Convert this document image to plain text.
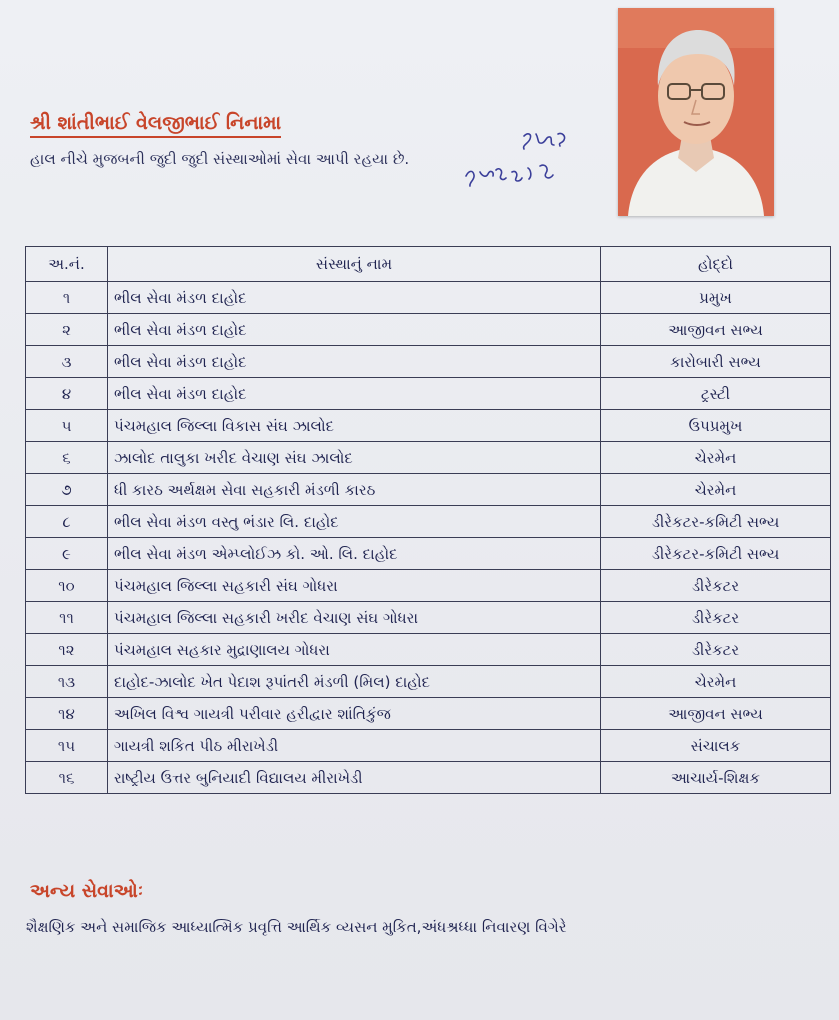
શ્રી શાંતીભાઈ વેલજીભાઈ નિનામા
હાલ નીચે મુજબની જુદી જુદી સંસ્થાઓમાં સેવા આપી રહયા છે.
અ.નં.	સંસ્થાનું નામ	હોદ્દો
૧	ભીલ સેવા મંડળ દાહોદ	પ્રમુખ
૨	ભીલ સેવા મંડળ દાહોદ	આજીવન સભ્ય
૩	ભીલ સેવા મંડળ દાહોદ	કારોબારી સભ્ય
૪	ભીલ સેવા મંડળ દાહોદ	ટ્રસ્ટી
૫	પંચમહાલ જિલ્લા વિકાસ સંઘ ઝાલોદ	ઉપપ્રમુખ
૬	ઝાલોદ તાલુકા ખરીદ વેચાણ સંઘ ઝાલોદ	ચેરમેન
૭	ધી કારઠ અર્થક્ષમ સેવા સહકારી મંડળી કારઠ	ચેરમેન
૮	ભીલ સેવા મંડળ વસ્તુ ભંડાર લિ. દાહોદ	ડીરેકટર-કમિટી સભ્ય
૯	ભીલ સેવા મંડળ એમ્પ્લોઈઝ કો. ઓ. લિ. દાહોદ	ડીરેકટર-કમિટી સભ્ય
૧૦	પંચમહાલ જિલ્લા સહકારી સંઘ ગોધરા	ડીરેકટર
૧૧	પંચમહાલ જિલ્લા સહકારી ખરીદ વેચાણ સંઘ ગોધરા	ડીરેકટર
૧૨	પંચમહાલ સહકાર મુદ્રાણાલય ગોધરા	ડીરેકટર
૧૩	દાહોદ-ઝાલોદ ખેત પેદાશ રૂપાંતરી મંડળી (મિલ) દાહોદ	ચેરમેન
૧૪	અખિલ વિશ્વ ગાયત્રી પરીવાર હરીદ્વાર શાંતિકુંજ	આજીવન સભ્ય
૧૫	ગાયત્રી શકિત પીઠ મીરાખેડી	સંચાલક
૧૬	રાષ્ટ્રીય ઉત્તર બુનિયાદી વિદ્યાલય મીરાખેડી	આચાર્ય-શિક્ષક
અન્ય સેવાઓઃ
શૈક્ષણિક અને સમાજિક આધ્યાત્મિક પ્રવૃત્તિ આર્થિક વ્યસન મુકિત,અંધશ્રધ્ધા નિવારણ વિગેરે
